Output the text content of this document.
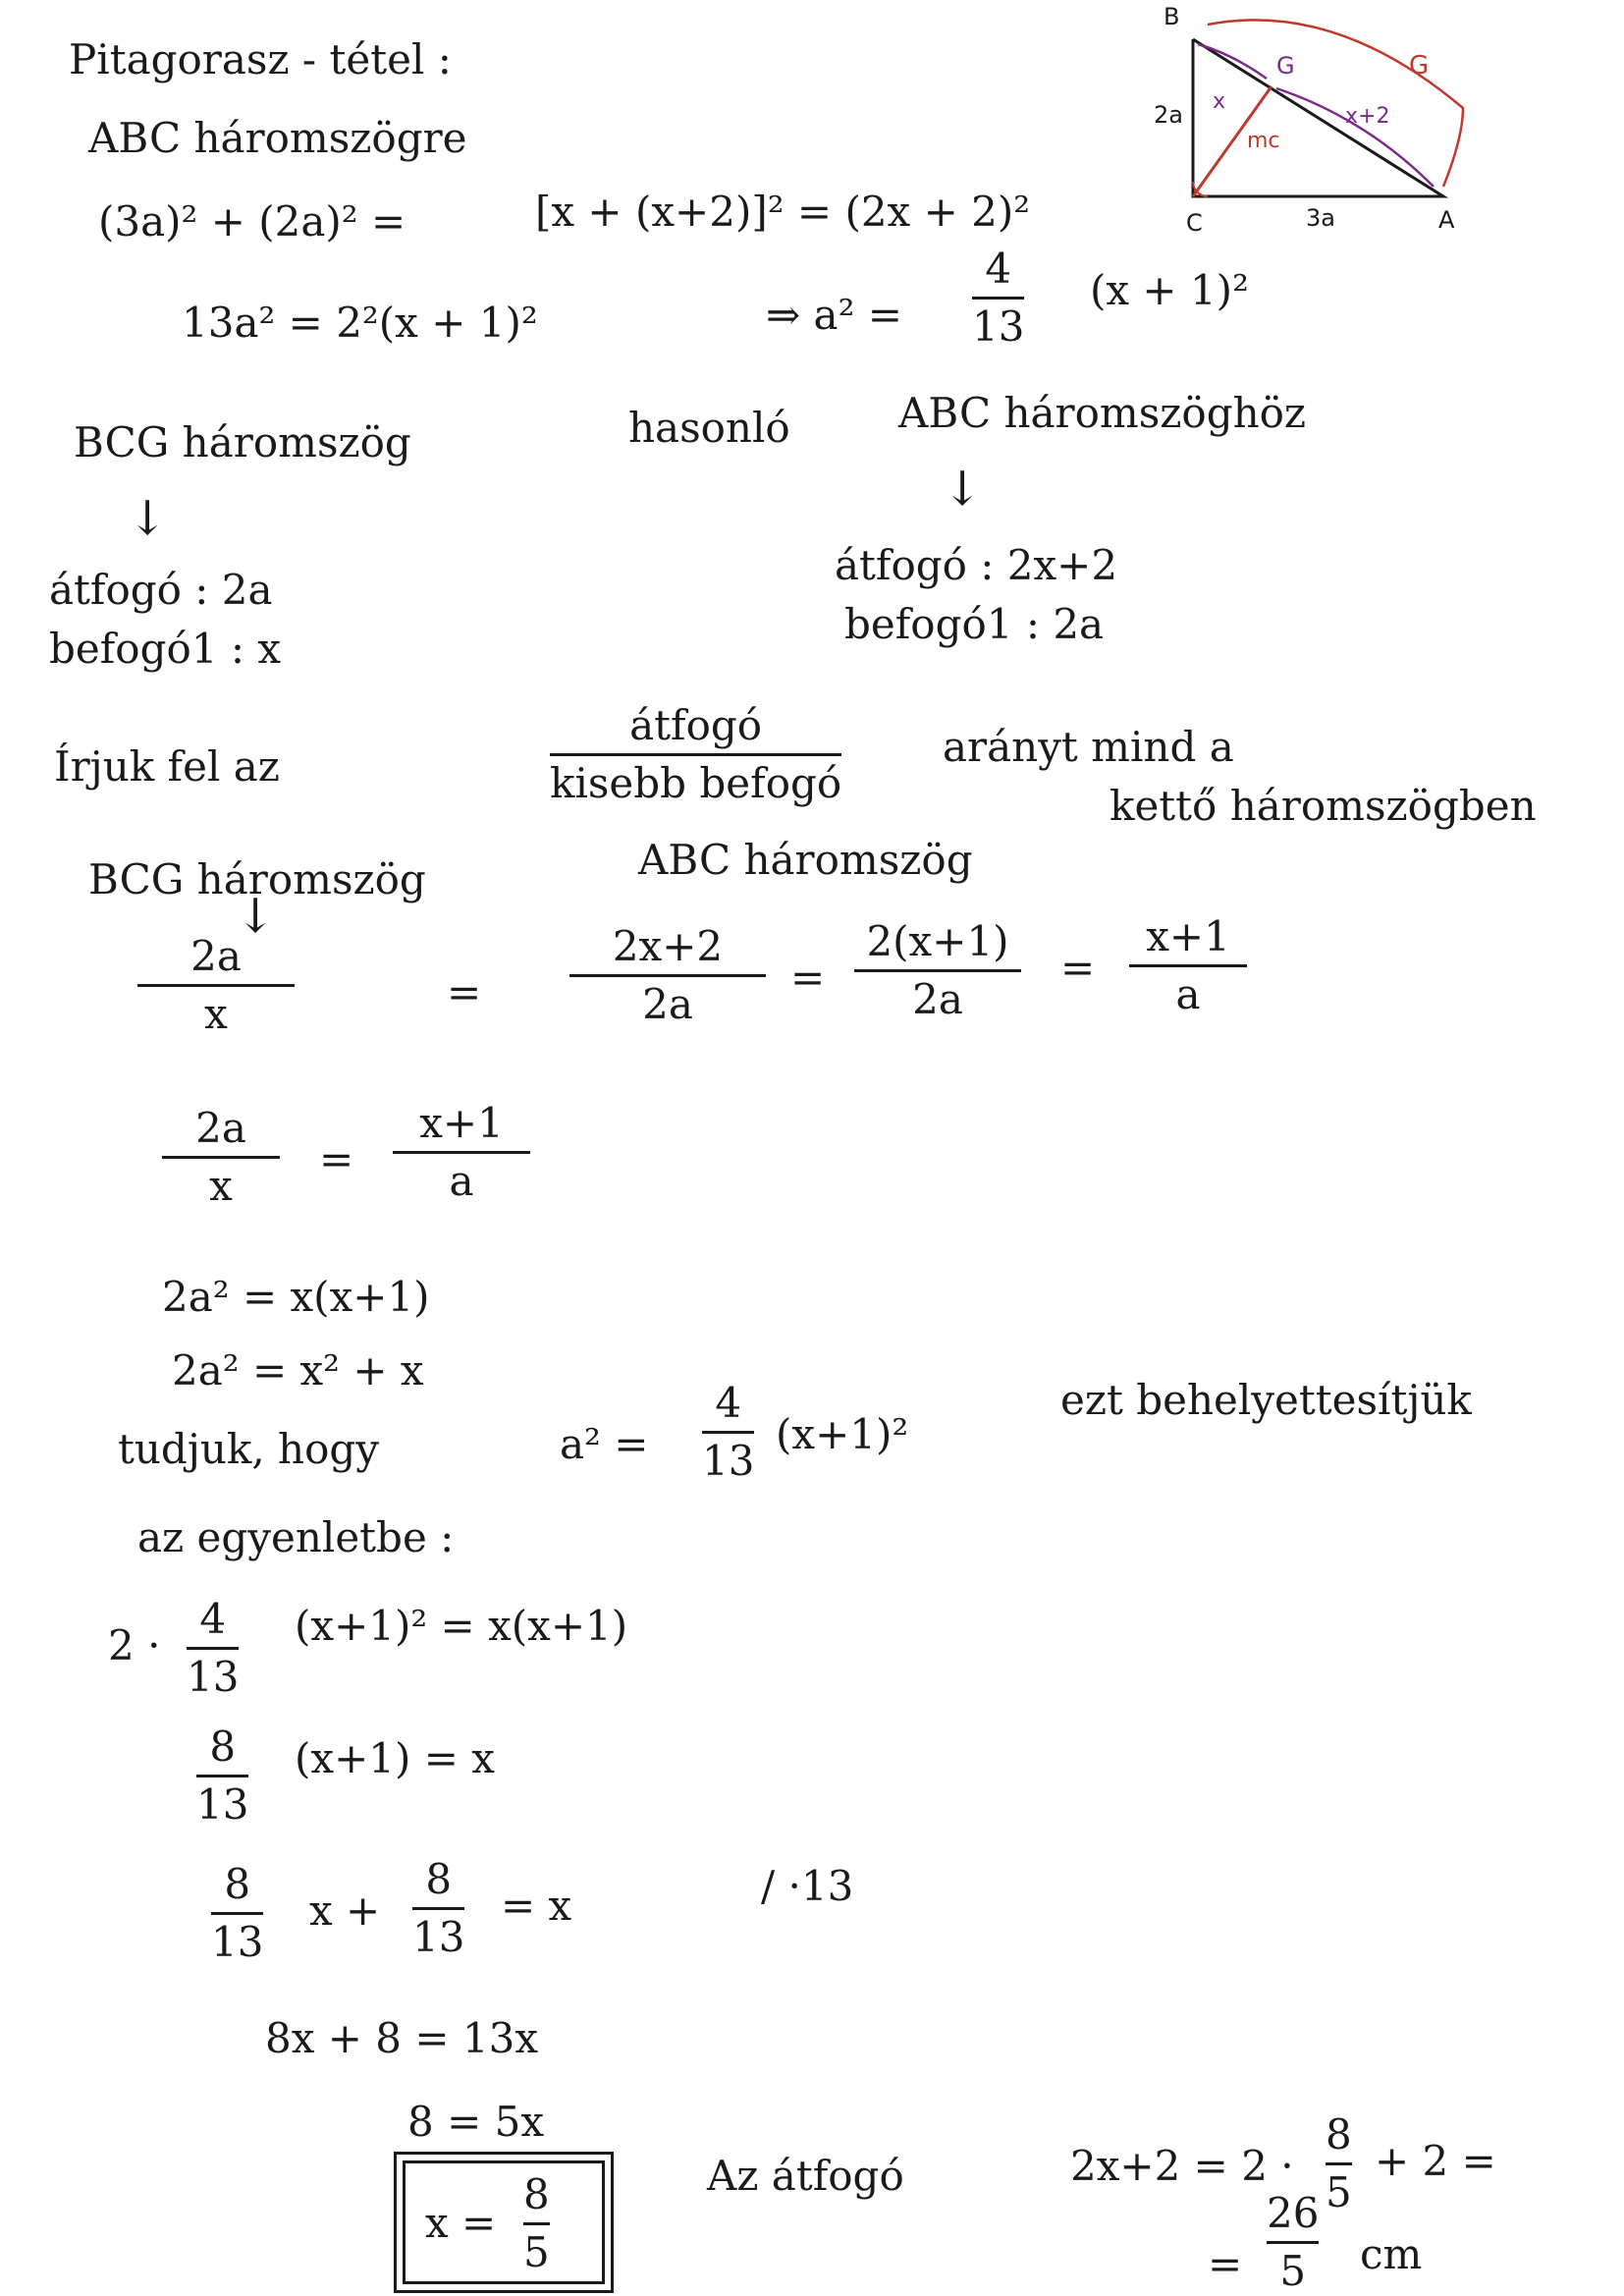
Pitagorasz - tétel :
ABC háromszögre
(3a)² + (2a)² =	[x + (x+2)]² = (2x + 2)²
13a² = 2²(x + 1)²	⇒ a² =
4
13
(x + 1)²
BCG háromszög	hasonló	ABC háromszöghöz
↓
↓
átfogó : 2a
befogó1 : x
átfogó : 2x+2
befogó1 : 2a
Írjuk fel az
átfogó
kisebb befogó
arányt mind a
kettő háromszögben
BCG háromszög	ABC háromszög
↓
2a
x	=
2x+2
2a
=
2(x+1)
2a
=
x+1
a
2a
x
=
x+1
a
2a² = x(x+1)
2a² = x² + x
tudjuk, hogy	a² =
4
13
(x+1)²
ezt behelyettesítjük
az egyenletbe :
2 ·
4
13
(x+1)² = x(x+1)
8
13
(x+1) = x
8
13
x +
8
13
= x	/ ·13
8x + 8 = 13x
8 = 5x
x =
8
5
Az átfogó	2x+2 = 2 ·
8
5
+ 2 =
=
26
5 cm
B
C	A
G	G
2a
3a
x
x+2
mc
